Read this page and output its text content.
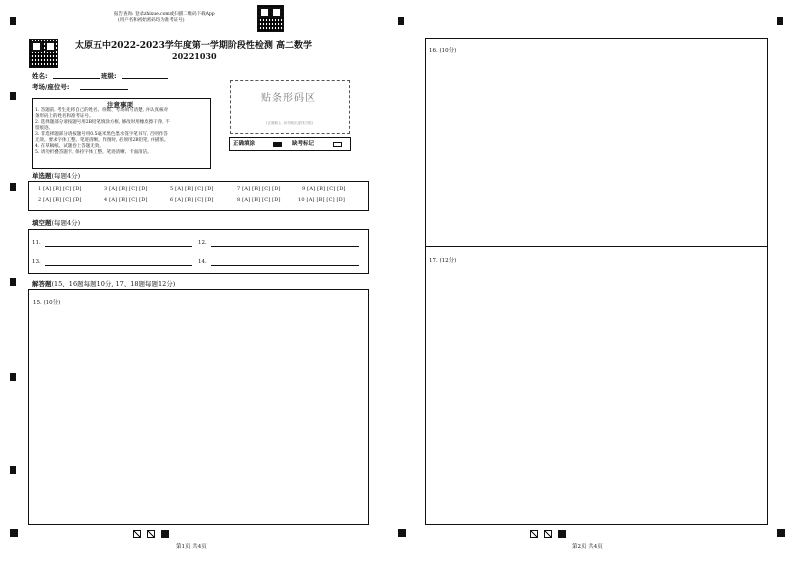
报告查询: 登录zhixue.com或扫描二维码下载App
(用户名和初始密码均为准考证号)
太原五中2022-2023学年度第一学期阶段性检测 高二数学
20221030
姓名:	班级:
考场/座位号:
注意事项
1. 答题前, 考生先将自己的姓名、班级、考场填写清楚, 并认真核对
条形码上的姓名和准考证号。
2. 选择题部分请按题号用2B铅笔填涂方框, 修改时用橡皮擦干净, 不
留痕迹。
3. 非选择题部分请按题号用0.5毫米黑色墨水签字笔书写, 否则作答
无效。要求字体工整、笔迹清晰。作图时, 必须用2B铅笔, 并描浓。
4. 在草稿纸、试题卷上答题无效。
5. 请勿折叠答题卡, 保持字体工整、笔迹清晰、卡面清洁。
贴条形码区
(正面朝上, 切勿贴出虚线方框)
正确填涂	缺考标记
单选题(每题4分)
1 [A] [B] [C] [D]	3 [A] [B] [C] [D]	5 [A] [B] [C] [D]	7 [A] [B] [C] [D]	9 [A] [B] [C] [D]
2 [A] [B] [C] [D]	4 [A] [B] [C] [D]	6 [A] [B] [C] [D]	8 [A] [B] [C] [D]	10 [A] [B] [C] [D]
填空题(每题4分)
11.	12.
13.	14.
解答题(15、16题每题10分, 17、18题每题12分)
15. (10分)
16. (10分)
17. (12分)
第1页 共4页	第2页 共4页
